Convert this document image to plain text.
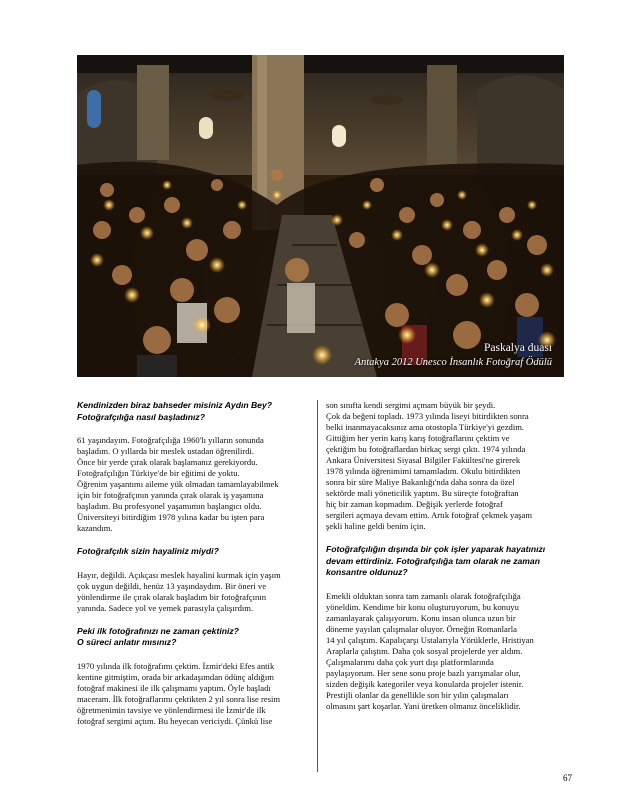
Paskalya duası
Antakya 2012 Unesco İnsanlık Fotoğraf Ödülü
Kendinizden biraz bahseder misiniz Aydın Bey?
Fotoğrafçılığa nasıl başladınız?
61 yaşındayım. Fotoğrafçılığa 1960'lı yılların sonunda
başladım. O yıllarda bir meslek ustadan öğrenilirdi.
Önce bir yerde çırak olarak başlamanız gerekiyordu.
Fotoğrafçılığın Türkiye'de bir eğitimi de yoktu.
Öğrenim yaşantımı aileme yük olmadan tamamlayabilmek
için bir fotoğrafçının yanında çırak olarak iş yaşamına
başladım. Bu profesyonel yaşamımın başlangıcı oldu.
Üniversiteyi bitirdiğim 1978 yılına kadar bu işten para
kazandım.
Fotoğrafçılık sizin hayaliniz miydi?
Hayır, değildi. Açıkçası meslek hayalini kurmak için yaşım
çok uygun değildi, henüz 13 yaşındaydım. Bir öneri ve
yönlendirme ile çırak olarak başladım bir fotoğrafçının
yanında. Sadece yol ve yemek parasıyla çalışırdım.
Peki ilk fotoğrafınızı ne zaman çektiniz?
O süreci anlatır mısınız?
1970 yılında ilk fotoğrafımı çektim. İzmir'deki Efes antik
kentine gitmiştim, orada bir arkadaşımdan ödünç aldığım
fotoğraf makinesi ile ilk çalışmamı yaptım. Öyle başladı
maceram. İlk fotoğraflarımı çektikten 2 yıl sonra lise resim
öğretmenimin tavsiye ve yönlendirmesi ile İzmir'de ilk
fotoğraf sergimi açtım. Bu heyecan vericiydi. Çünkü lise
son sınıfta kendi sergimi açmam büyük bir şeydi.
Çok da beğeni topladı. 1973 yılında liseyi bitirdikten sonra
belki inanmayacaksınız ama otostopla Türkiye'yi gezdim.
Gittiğim her yerin karış karış fotoğraflarını çektim ve
çektiğim bu fotoğraflardan birkaç sergi çıktı. 1974 yılında
Ankara Üniversitesi Siyasal Bilgiler Fakültesi'ne girerek
1978 yılında öğrenimimi tamamladım. Okulu bitirdikten
sonra bir süre Maliye Bakanlığı'nda daha sonra da özel
sektörde mali yöneticilik yaptım. Bu süreçte fotoğraftan
hiç bir zaman kopmadım. Değişik yerlerde fotoğraf
sergileri açmaya devam ettim. Artık fotoğraf çekmek yaşam
şekli haline geldi benim için.
Fotoğrafçılığın dışında bir çok işler yaparak hayatınızı
devam ettirdiniz. Fotoğrafçılığa tam olarak ne zaman
konsantre oldunuz?
Emekli olduktan sonra tam zamanlı olarak fotoğrafçılığa
yöneldim. Kendime bir konu oluşturuyorum, bu konuyu
zamanlayarak çalışıyorum. Konu insan olunca uzun bir
döneme yayılan çalışmalar oluyor. Örneğin Romanlarla
14 yıl çalıştım. Kapalıçarşı Ustalarıyla Yörüklerle, Hristiyan
Araplarla çalıştım. Daha çok sosyal projelerde yer aldım.
Çalışmalarımı daha çok yurt dışı platformlarında
paylaşıyorum. Her sene sonu proje bazlı yarışmalar olur,
sizden değişik kategoriler veya konularda projeler istenir.
Prestijli olanlar da genellikle son bir yılın çalışmaları
olmasını şart koşarlar. Yani üretken olmanız önceliklidir.
67
